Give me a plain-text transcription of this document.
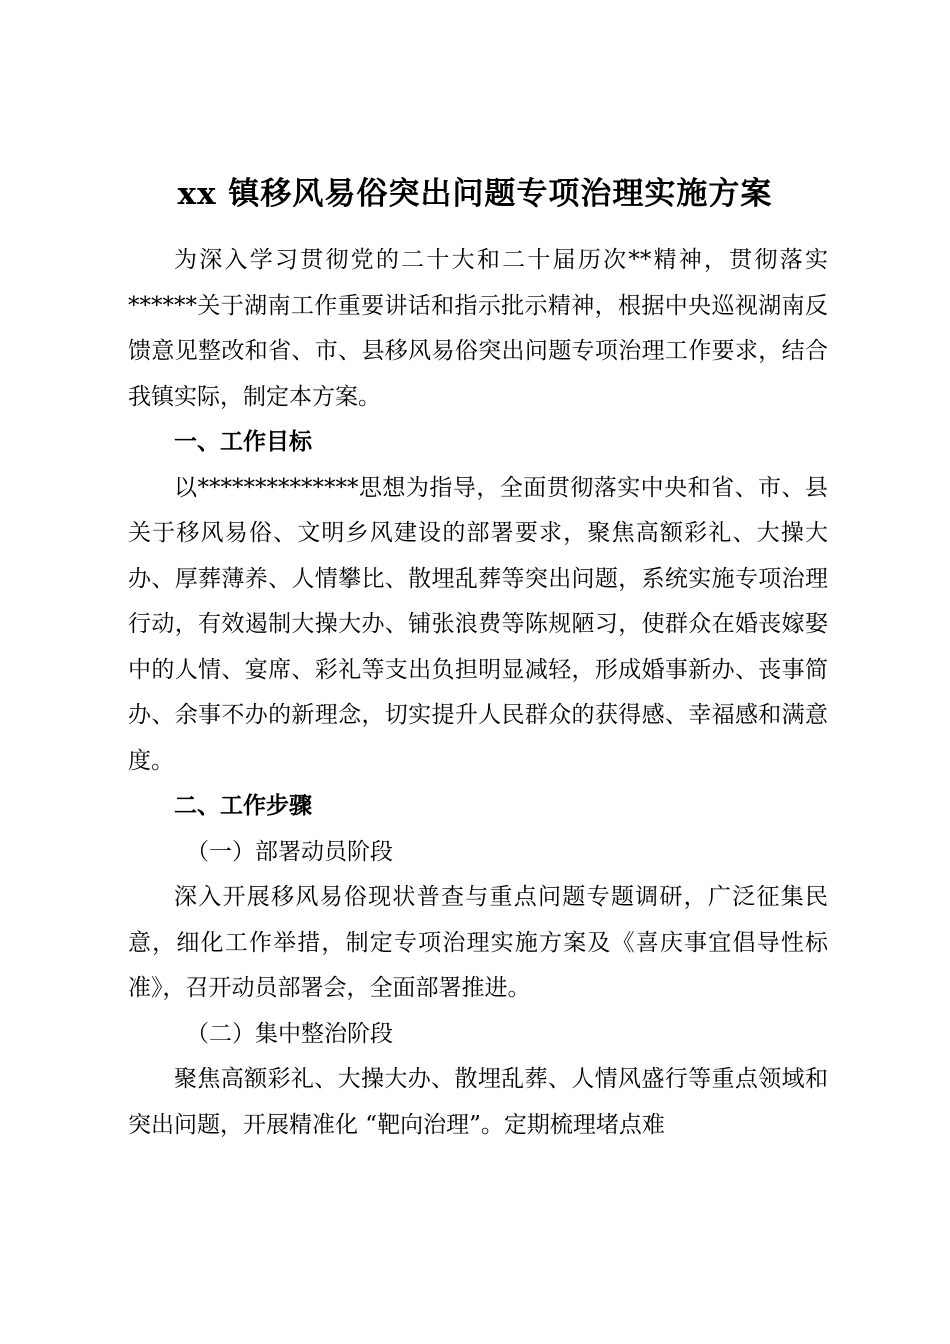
xx 镇移风易俗突出问题专项治理实施方案

为深入学习贯彻党的二十大和二十届历次**精神，贯彻落实******关于湖南工作重要讲话和指示批示精神，根据中央巡视湖南反馈意见整改和省、市、县移风易俗突出问题专项治理工作要求，结合我镇实际，制定本方案。

一、工作目标

以**************思想为指导，全面贯彻落实中央和省、市、县关于移风易俗、文明乡风建设的部署要求，聚焦高额彩礼、大操大办、厚葬薄养、人情攀比、散埋乱葬等突出问题，系统实施专项治理行动，有效遏制大操大办、铺张浪费等陈规陋习，使群众在婚丧嫁娶中的人情、宴席、彩礼等支出负担明显减轻，形成婚事新办、丧事简办、余事不办的新理念，切实提升人民群众的获得感、幸福感和满意度。

二、工作步骤

（一）部署动员阶段

深入开展移风易俗现状普查与重点问题专题调研，广泛征集民意，细化工作举措，制定专项治理实施方案及《喜庆事宜倡导性标准》，召开动员部署会，全面部署推进。

（二）集中整治阶段

聚焦高额彩礼、大操大办、散埋乱葬、人情风盛行等重点领域和突出问题，开展精准化 “靶向治理”。定期梳理堵点难
